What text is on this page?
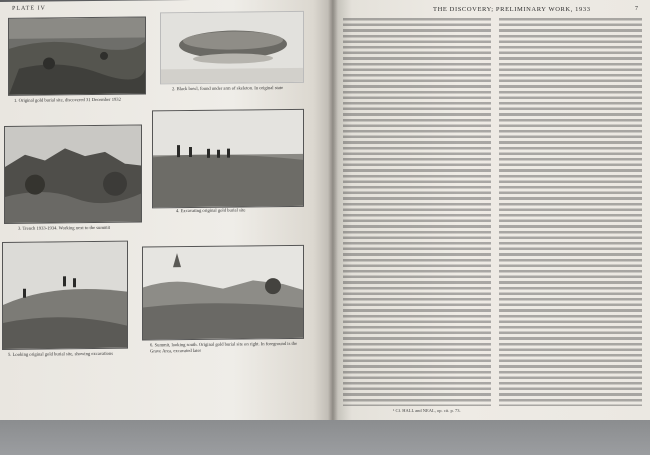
PLATE IV
1. Original gold burial site, discovered 31 December 1932
2. Black bowl, found under arm of skeleton. In original state
3. Trench 1933-1934. Working next to the summit
4. Excavating original gold burial site
5. Looking original gold burial site, showing excavations
6. Summit, looking south. Original gold burial site on right. In foreground is the Grave Area, excavated later
THE DISCOVERY; PRELIMINARY WORK, 1933	7
¹ Cf. HALL and NEAL, op. cit. p. 73.
